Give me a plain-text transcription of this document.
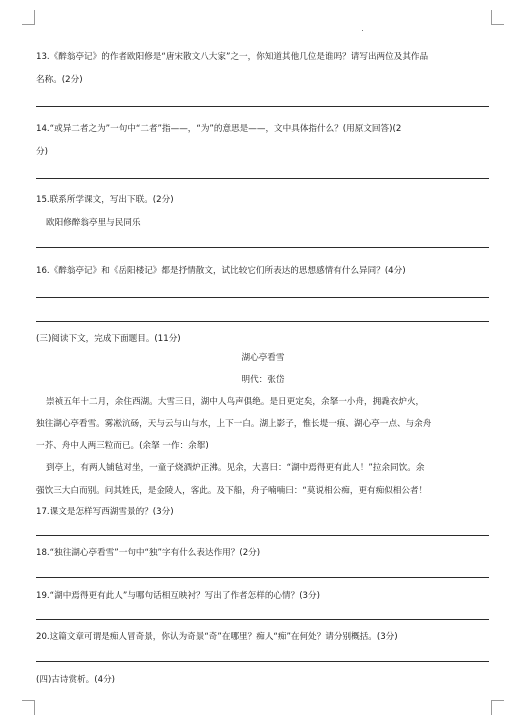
13.《醉翁亭记》的作者欧阳修是“唐宋散文八大家”之一，你知道其他几位是谁吗？请写出两位及其作品
名称。(2分)
14.“或异二者之为”一句中“二者”指——，“为”的意思是——，文中具体指什么？(用原文回答)(2
分)
15.联系所学课文，写出下联。(2分)
欧阳修醉翁亭里与民同乐
16.《醉翁亭记》和《岳阳楼记》都是抒情散文，试比较它们所表达的思想感情有什么异同？(4分)
(三)阅读下文，完成下面题目。(11分)
湖心亭看雪
明代：张岱
崇祯五年十二月，余住西湖。大雪三日，湖中人鸟声俱绝。是日更定矣，余拏一小舟，拥毳衣炉火，
独往湖心亭看雪。雾凇沆砀，天与云与山与水，上下一白。湖上影子，惟长堤一痕、湖心亭一点、与余舟
一芥、舟中人两三粒而已。(余拏 一作：余挐)
到亭上，有两人铺毡对坐，一童子烧酒炉正沸。见余，大喜曰：“湖中焉得更有此人！”拉余同饮。余
强饮三大白而别。问其姓氏，是金陵人，客此。及下船，舟子喃喃曰：“莫说相公痴，更有痴似相公者！
17.课文是怎样写西湖雪景的？(3分)
18.“独往湖心亭看雪”一句中“独”字有什么表达作用？(2分)
19.“湖中焉得更有此人”与哪句话相互映衬？写出了作者怎样的心情？(3分)
20.这篇文章可谓是痴人冒奇景，你认为奇景“奇”在哪里？痴人“痴”在何处？请分别概括。(3分)
(四)古诗赏析。(4分)
